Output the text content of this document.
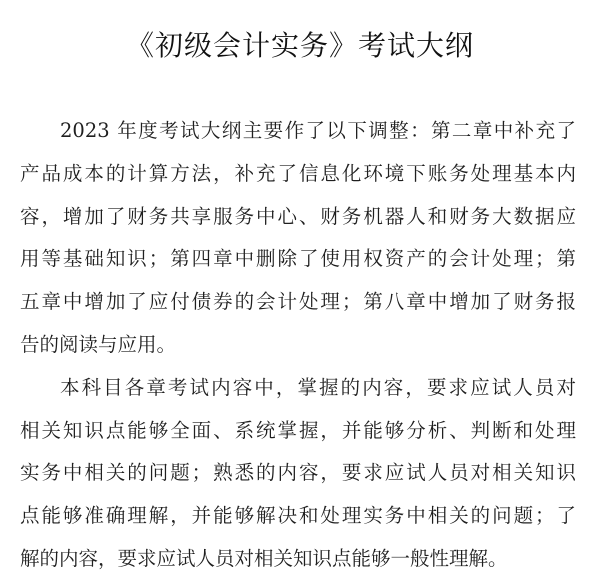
《初级会计实务》考试大纲
2023 年度考试大纲主要作了以下调整：第二章中补充了
产品成本的计算方法，补充了信息化环境下账务处理基本内
容，增加了财务共享服务中心、财务机器人和财务大数据应
用等基础知识；第四章中删除了使用权资产的会计处理；第
五章中增加了应付债券的会计处理；第八章中增加了财务报
告的阅读与应用。
本科目各章考试内容中，掌握的内容，要求应试人员对
相关知识点能够全面、系统掌握，并能够分析、判断和处理
实务中相关的问题；熟悉的内容，要求应试人员对相关知识
点能够准确理解，并能够解决和处理实务中相关的问题；了
解的内容，要求应试人员对相关知识点能够一般性理解。
